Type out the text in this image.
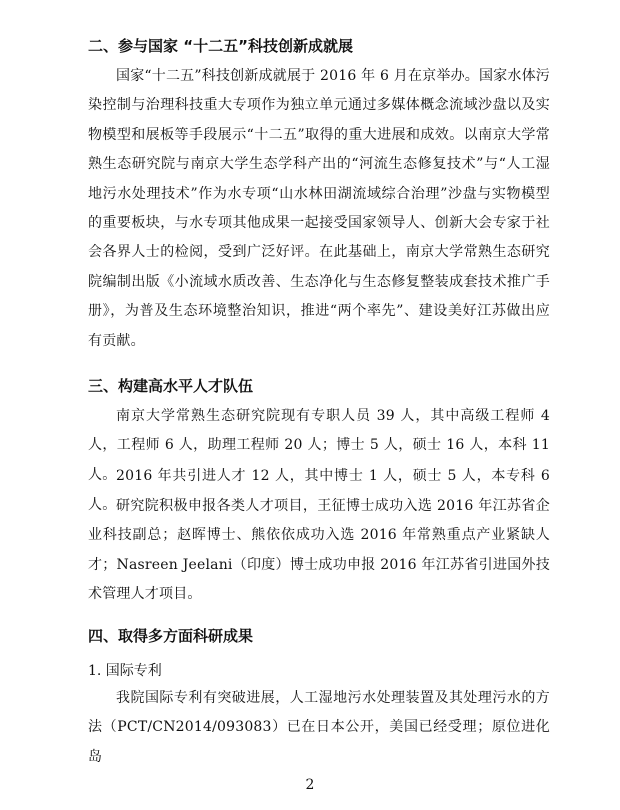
二、参与国家 “十二五”科技创新成就展

国家“十二五”科技创新成就展于 2016 年 6 月在京举办。国家水体污染控制与治理科技重大专项作为独立单元通过多媒体概念流域沙盘以及实物模型和展板等手段展示“十二五”取得的重大进展和成效。以南京大学常熟生态研究院与南京大学生态学科产出的“河流生态修复技术”与“人工湿地污水处理技术”作为水专项“山水林田湖流域综合治理”沙盘与实物模型的重要板块，与水专项其他成果一起接受国家领导人、创新大会专家于社会各界人士的检阅，受到广泛好评。在此基础上，南京大学常熟生态研究院编制出版《小流域水质改善、生态净化与生态修复整装成套技术推广手册》，为普及生态环境整治知识，推进“两个率先”、建设美好江苏做出应有贡献。

三、构建高水平人才队伍

南京大学常熟生态研究院现有专职人员 39 人，其中高级工程师 4 人，工程师 6 人，助理工程师 20 人；博士 5 人，硕士 16 人，本科 11 人。 2016 年共引进人才 12 人，其中博士 1 人，硕士 5 人，本专科 6 人。 研究院积极申报各类人才项目，王征博士成功入选 2016 年江苏省企业科技副总；赵晖博士、熊依依成功入选 2016 年常熟重点产业紧缺人才；Nasreen Jeelani（印度）博士成功申报 2016 年江苏省引进国外技术管理人才项目。

四、取得多方面科研成果
1. 国际专利

我院国际专利有突破进展，人工湿地污水处理装置及其处理污水的方法（PCT/CN2014/093083）已在日本公开，美国已经受理；原位进化岛

2
